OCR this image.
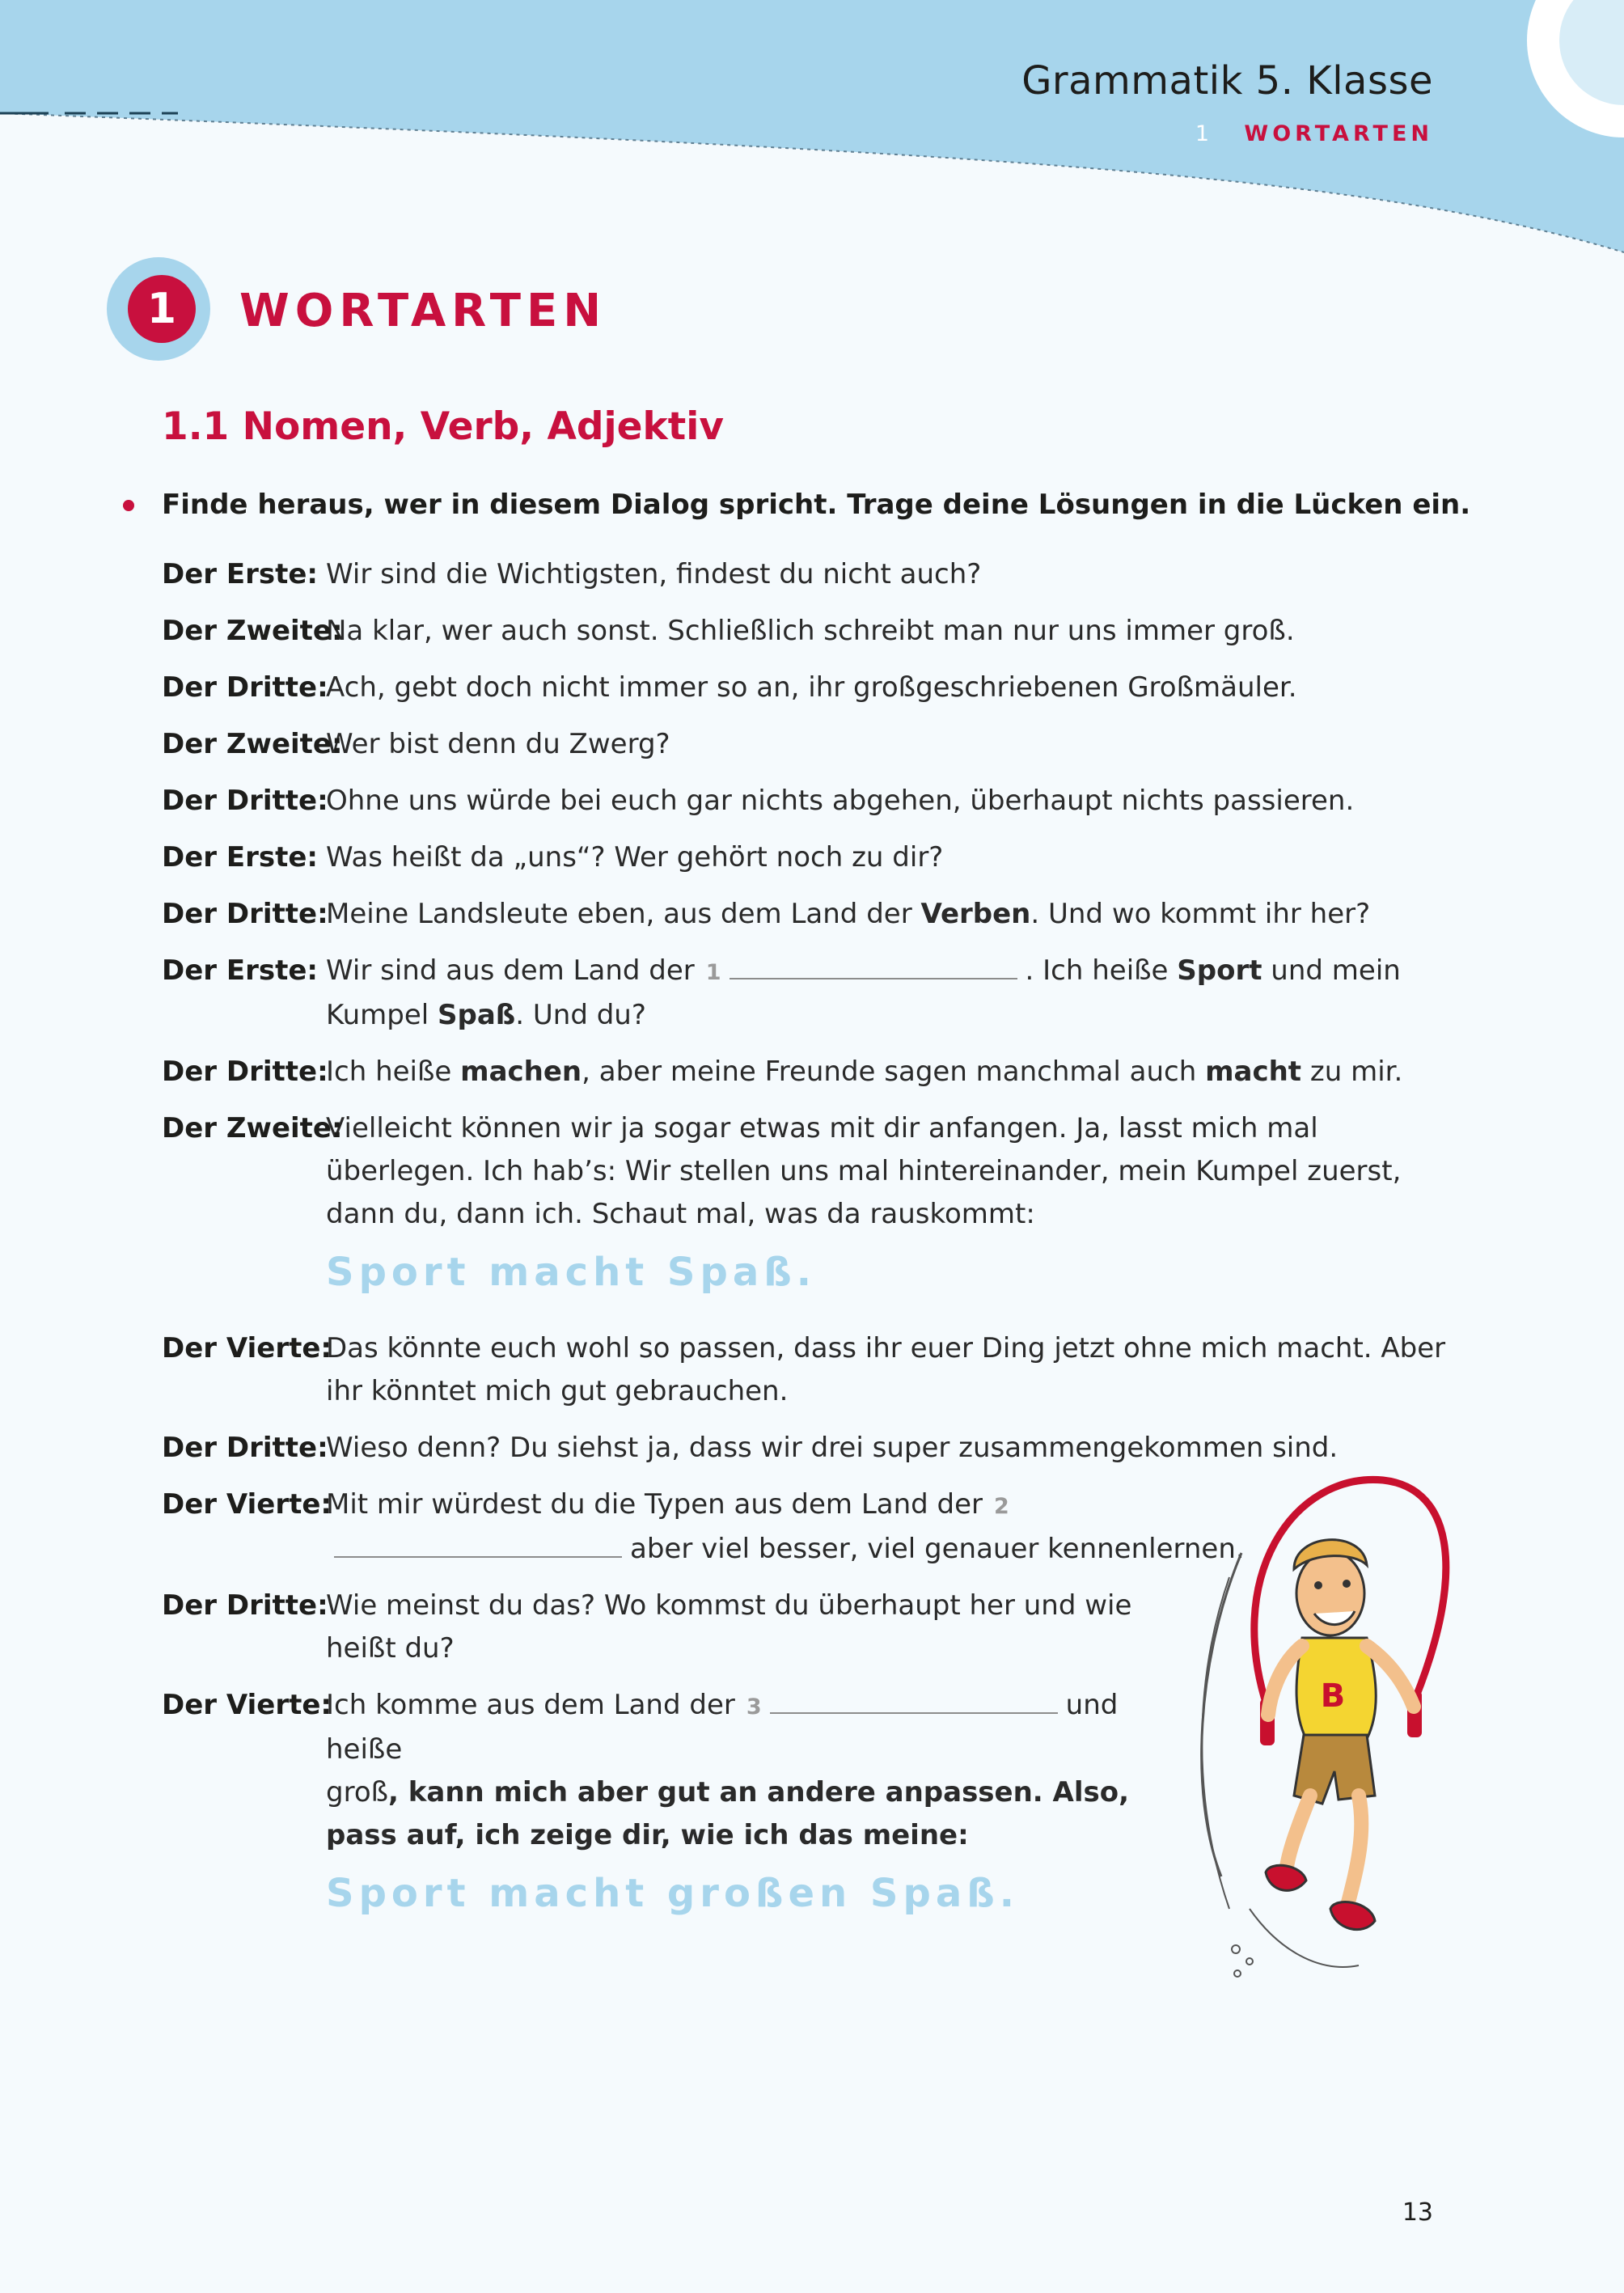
Grammatik 5. Klasse
1 WORTARTEN
1	WORTARTEN
1.1 Nomen, Verb, Adjektiv
Finde heraus, wer in diesem Dialog spricht. Trage deine Lösungen in die Lücken ein.
Der Erste: Wir sind die Wichtigsten, findest du nicht auch?
Der Zweite:
Na klar, wer auch sonst. Schließlich schreibt man nur uns immer groß.
Der Dritte:
Ach, gebt doch nicht immer so an, ihr großgeschriebenen Großmäuler.
Der Zweite:
Wer bist denn du Zwerg?
Der Dritte:
Ohne uns würde bei euch gar nichts abgehen, überhaupt nichts passieren.
Der Erste: Was heißt da „uns“? Wer gehört noch zu dir?
Der Dritte:
Meine Landsleute eben, aus dem Land der Verben. Und wo kommt ihr her?
Der Erste: Wir sind aus dem Land der 1	. Ich heiße Sport und mein Kumpel Spaß. Und du?
Der Dritte:
Ich heiße machen, aber meine Freunde sagen manchmal auch macht zu mir.
Der Zweite:
Vielleicht können wir ja sogar etwas mit dir anfangen. Ja, lasst mich mal überlegen. Ich hab’s: Wir stellen uns mal hintereinander, mein Kumpel zuerst, dann du, dann ich. Schaut mal, was da rauskommt:
Sport macht Spaß.
Der Vierte:
Das könnte euch wohl so passen, dass ihr euer Ding jetzt ohne mich macht. Aber ihr könntet mich gut gebrauchen.
Der Dritte:
Wieso denn? Du siehst ja, dass wir drei super zusammengekommen sind.
Der Vierte:
Mit mir würdest du die Typen aus dem Land der 2aber viel besser, viel genauer kennenlernen.
Der Dritte:
Wie meinst du das? Wo kommst du überhaupt her und wie heißt du?
Der Vierte:
Ich komme aus dem Land der 3	und heiße
groß, kann mich aber gut an andere anpassen. Also, pass auf, ich zeige dir, wie ich das meine:
Sport macht großen Spaß.
B
13
